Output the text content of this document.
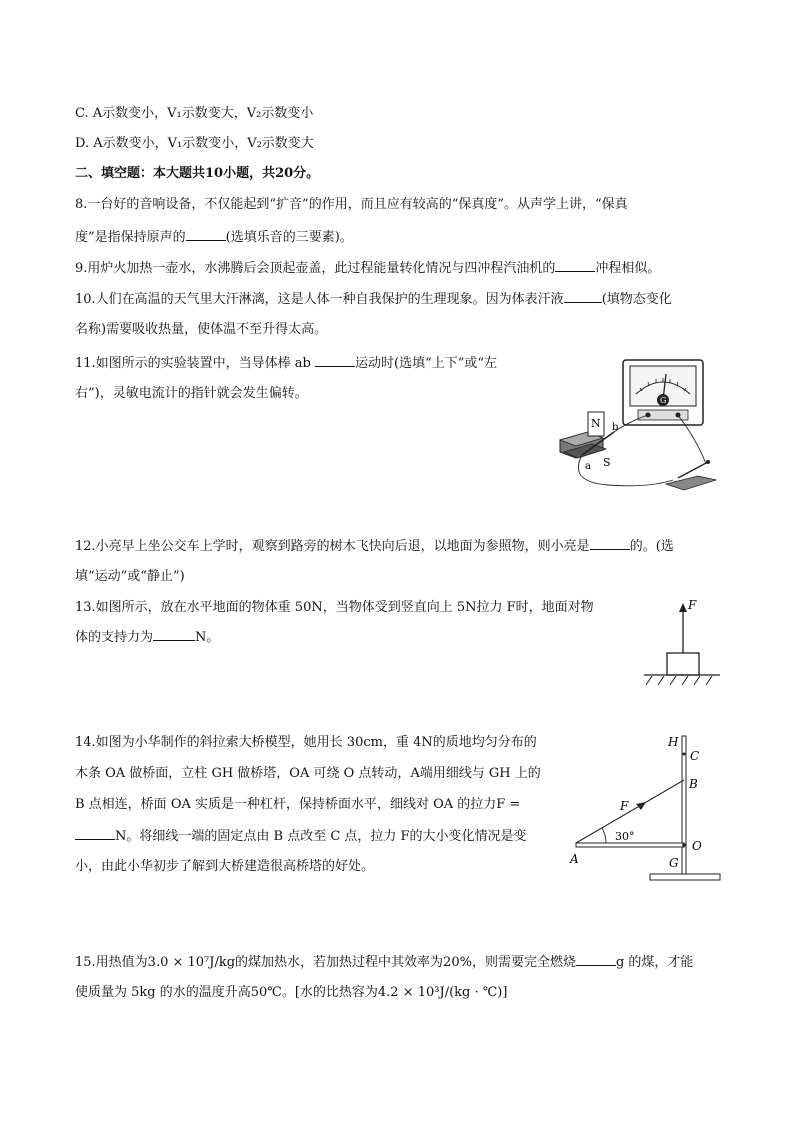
C. A示数变小，V₁示数变大，V₂示数变小
D. A示数变小，V₁示数变小，V₂示数变大
二、填空题：本大题共10小题，共20分。
8.一台好的音响设备，不仅能起到“扩音”的作用，而且应有较高的“保真度”。从声学上讲，“保真
度”是指保持原声的	(选填乐音的三要素)。
9.用炉火加热一壶水，水沸腾后会顶起壶盖，此过程能量转化情况与四冲程汽油机的	冲程相似。
10.人们在高温的天气里大汗淋漓，这是人体一种自我保护的生理现象。因为体表汗液	(填物态变化
名称)需要吸收热量，使体温不至升得太高。
11.如图所示的实验装置中，当导体棒 ab	运动时(选填“上下”或“左
右”)，灵敏电流计的指针就会发生偏转。	G
N b
a S
12.小亮早上坐公交车上学时，观察到路旁的树木飞快向后退，以地面为参照物，则小亮是	的。(选
填“运动”或“静止”)
13.如图所示，放在水平地面的物体重 50N，当物体受到竖直向上 5N拉力 F时，地面对物
体的支持力为	N。
F
14.如图为小华制作的斜拉索大桥模型，她用长 30cm，重 4N的质地均匀分布的
木条 OA 做桥面，立柱 GH 做桥塔，OA 可绕 O 点转动，A端用细线与 GH 上的
B 点相连，桥面 OA 实质是一种杠杆，保持桥面水平，细线对 OA 的拉力F =
N。将细线一端的固定点由 B 点改至 C 点，拉力 F的大小变化情况是变
小，由此小华初步了解到大桥建造很高桥塔的好处。
H
C
B
F
30°
O
A	G
15.用热值为3.0 × 10⁷J/kg的煤加热水，若加热过程中其效率为20%，则需要完全燃烧	g 的煤，才能
使质量为 5kg 的水的温度升高50℃。[水的比热容为4.2 × 10³J/(kg · ℃)]
